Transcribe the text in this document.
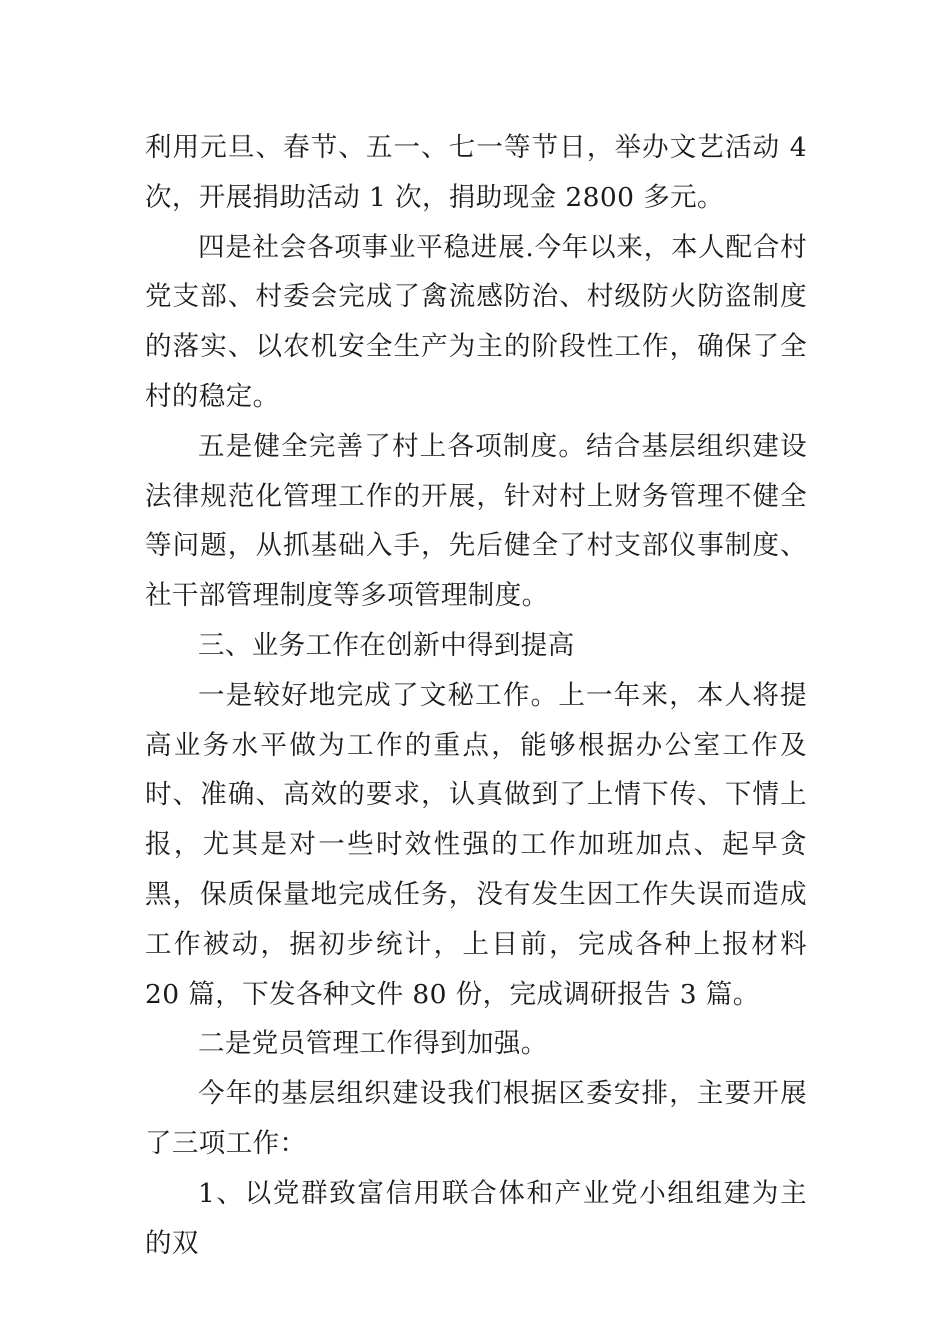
利用元旦、春节、五一、七一等节日，举办文艺活动 4 次，开展捐助活动 1 次，捐助现金 2800 多元。

四是社会各项事业平稳进展.今年以来，本人配合村党支部、村委会完成了禽流感防治、村级防火防盗制度的落实、以农机安全生产为主的阶段性工作，确保了全村的稳定。

五是健全完善了村上各项制度。结合基层组织建设法律规范化管理工作的开展，针对村上财务管理不健全等问题，从抓基础入手，先后健全了村支部仪事制度、社干部管理制度等多项管理制度。

三、业务工作在创新中得到提高

一是较好地完成了文秘工作。上一年来，本人将提高业务水平做为工作的重点，能够根据办公室工作及时、准确、高效的要求，认真做到了上情下传、下情上报，尤其是对一些时效性强的工作加班加点、起早贪黑，保质保量地完成任务，没有发生因工作失误而造成工作被动，据初步统计，上目前，完成各种上报材料 20 篇，下发各种文件 80 份，完成调研报告 3 篇。

二是党员管理工作得到加强。

今年的基层组织建设我们根据区委安排，主要开展了三项工作：

1、以党群致富信用联合体和产业党小组组建为主的双
